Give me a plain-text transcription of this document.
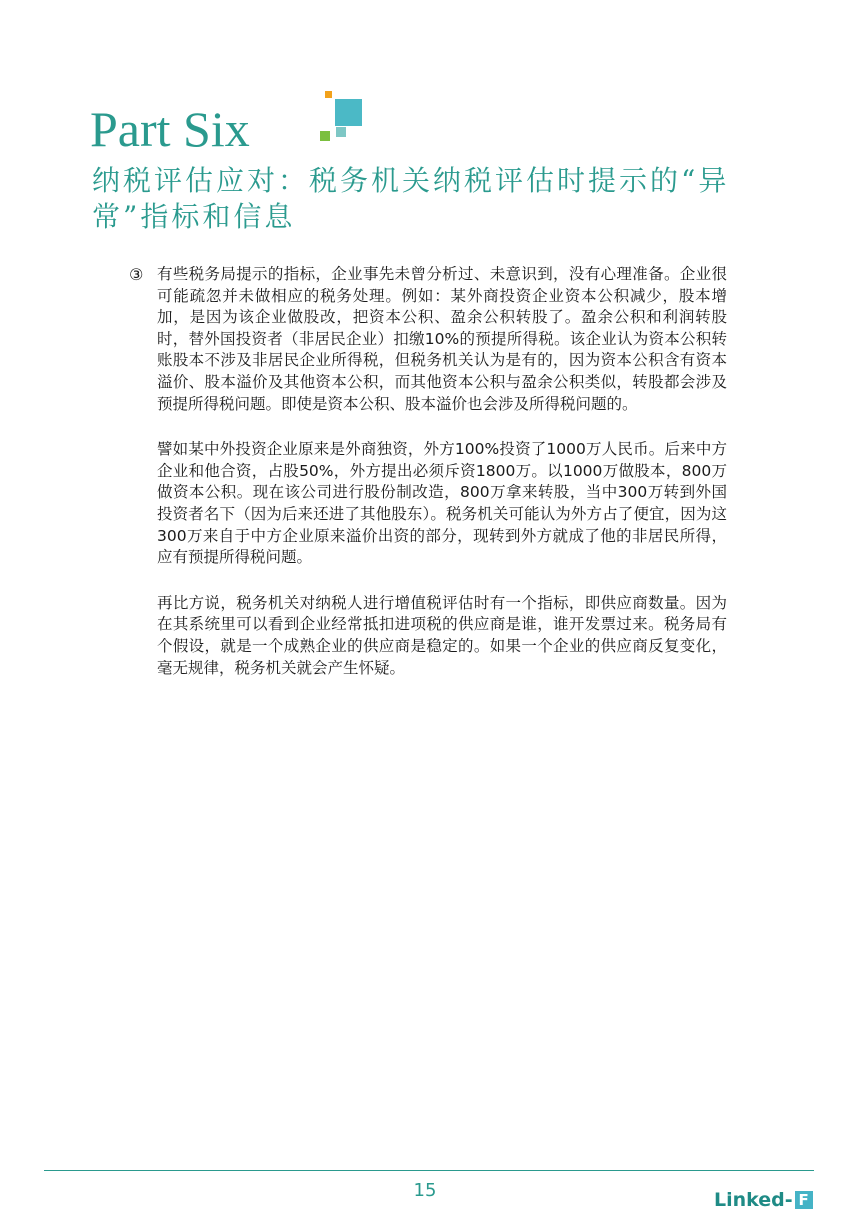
Part Six
纳税评估应对：税务机关纳税评估时提示的“异常”指标和信息
③ 有些税务局提示的指标，企业事先未曾分析过、未意识到，没有心理准备。企业很可能疏忽并未做相应的税务处理。例如：某外商投资企业资本公积减少，股本增加，是因为该企业做股改，把资本公积、盈余公积转股了。盈余公积和利润转股时，替外国投资者（非居民企业）扣缴10%的预提所得税。该企业认为资本公积转账股本不涉及非居民企业所得税，但税务机关认为是有的，因为资本公积含有资本溢价、股本溢价及其他资本公积，而其他资本公积与盈余公积类似，转股都会涉及预提所得税问题。即使是资本公积、股本溢价也会涉及所得税问题的。

譬如某中外投资企业原来是外商独资，外方100%投资了1000万人民币。后来中方企业和他合资，占股50%，外方提出必须斥资1800万。以1000万做股本，800万做资本公积。现在该公司进行股份制改造，800万拿来转股，当中300万转到外国投资者名下（因为后来还进了其他股东）。税务机关可能认为外方占了便宜，因为这300万来自于中方企业原来溢价出资的部分，现转到外方就成了他的非居民所得，应有预提所得税问题。

再比方说，税务机关对纳税人进行增值税评估时有一个指标，即供应商数量。因为在其系统里可以看到企业经常抵扣进项税的供应商是谁，谁开发票过来。税务局有个假设，就是一个成熟企业的供应商是稳定的。如果一个企业的供应商反复变化，毫无规律，税务机关就会产生怀疑。

15	Linked- F
